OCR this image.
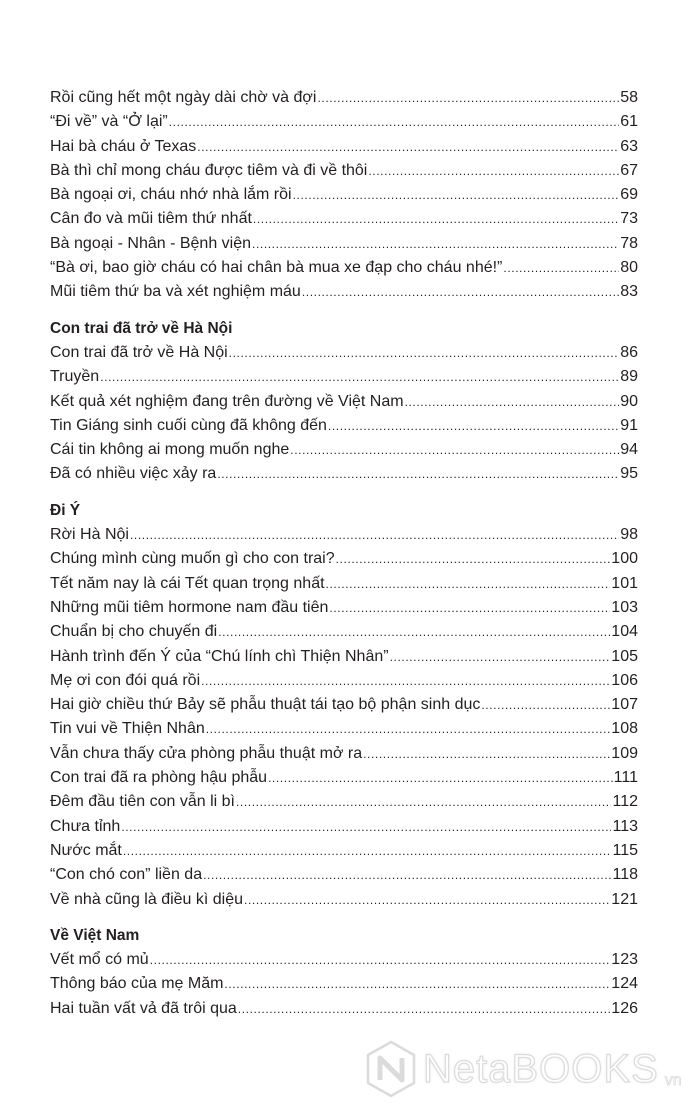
Rồi cũng hết một ngày dài chờ và đợi .....	58
“Đi về” và “Ở lại” .....	61
Hai bà cháu ở Texas .....	63
Bà thì chỉ mong cháu được tiêm và đi về thôi .....	67
Bà ngoại ơi, cháu nhớ nhà lắm rồi .....	69
Cân đo và mũi tiêm thứ nhất .....	73
Bà ngoại - Nhân - Bệnh viện .....	78
“Bà ơi, bao giờ cháu có hai chân bà mua xe đạp cho cháu nhé!” .....	80
Mũi tiêm thứ ba và xét nghiệm máu .....	83
Con trai đã trở về Hà Nội
Con trai đã trở về Hà Nội .....	86
Truyền .....	89
Kết quả xét nghiệm đang trên đường về Việt Nam .....	90
Tin Giáng sinh cuối cùng đã không đến .....	91
Cái tin không ai mong muốn nghe .....	94
Đã có nhiều việc xảy ra .....	95
Đi Ý
Rời Hà Nội .....	98
Chúng mình cùng muốn gì cho con trai? .....	100
Tết năm nay là cái Tết quan trọng nhất .....	101
Những mũi tiêm hormone nam đầu tiên .....	103
Chuẩn bị cho chuyến đi .....	104
Hành trình đến Ý của “Chú lính chì Thiện Nhân” .....	105
Mẹ ơi con đói quá rồi .....	106
Hai giờ chiều thứ Bảy sẽ phẫu thuật tái tạo bộ phận sinh dục .....	107
Tin vui về Thiện Nhân .....	108
Vẫn chưa thấy cửa phòng phẫu thuật mở ra .....	109
Con trai đã ra phòng hậu phẫu .....	111
Đêm đầu tiên con vẫn li bì .....	112
Chưa tỉnh .....	113
Nước mắt .....	115
“Con chó con” liền da .....	118
Về nhà cũng là điều kì diệu .....	121
Về Việt Nam
Vết mổ có mủ .....	123
Thông báo của mẹ Măm .....	124
Hai tuần vất vả đã trôi qua .....	126
NetaBOOKS vn
